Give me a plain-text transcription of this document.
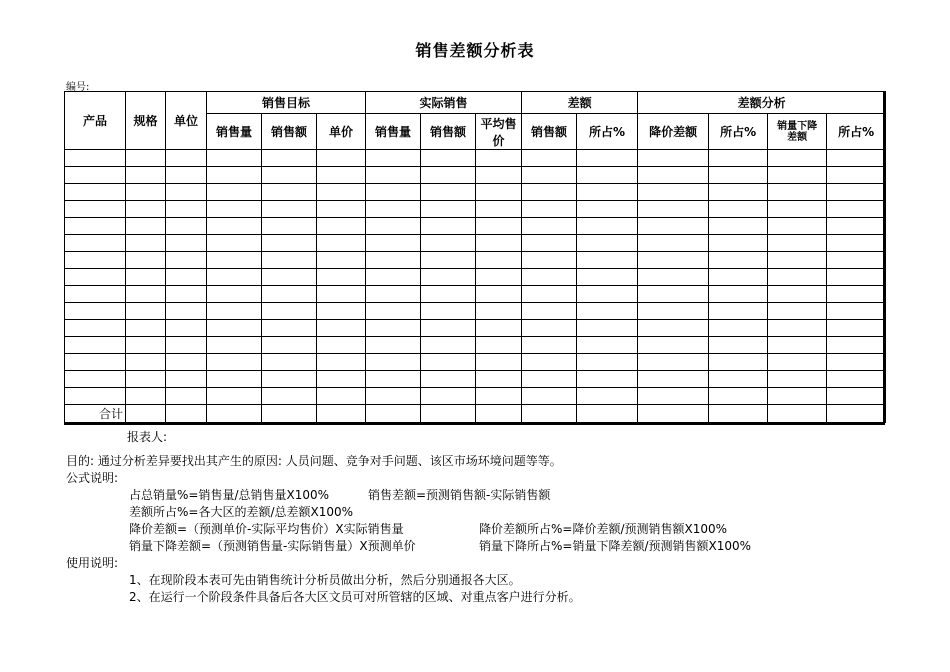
销售差额分析表
编号:
产品	规格	单位	销售目标			实际销售			差额		差额分析			
			销售量	销售额	单价	销售量	销售额	平均售价	销售额	所占%	降价差额	所占%	销量下降差额	所占%

合计														
报表人:
目的: 通过分析差异要找出其产生的原因: 人员问题、竞争对手问题、该区市场环境问题等等。
公式说明:
占总销量%=销售量/总销售量X100%	销售差额=预测销售额-实际销售额
差额所占%=各大区的差额/总差额X100%
降价差额=（预测单价-实际平均售价）X实际销售量	降价差额所占%=降价差额/预测销售额X100%
销量下降差额=（预测销售量-实际销售量）X预测单价	销量下降所占%=销量下降差额/预测销售额X100%
使用说明:
1、在现阶段本表可先由销售统计分析员做出分析，然后分别通报各大区。
2、在运行一个阶段条件具备后各大区文员可对所管辖的区域、对重点客户进行分析。
